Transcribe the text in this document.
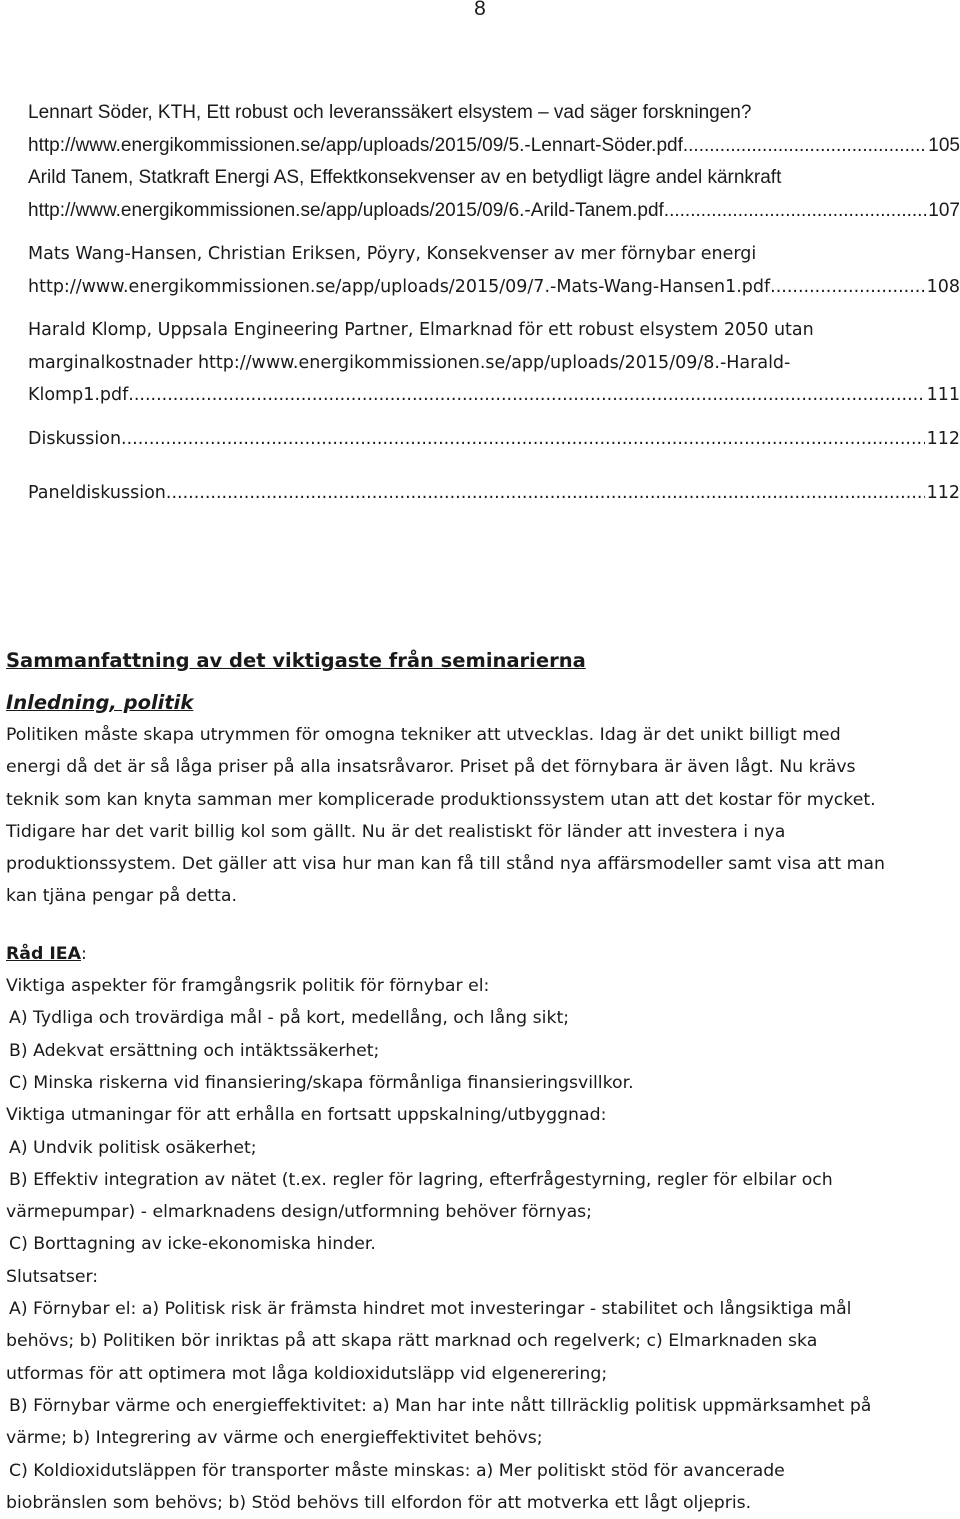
8
Lennart Söder, KTH, Ett robust och leveranssäkert elsystem – vad säger forskningen?
http://www.energikommissionen.se/app/uploads/2015/09/5.-Lennart-Söder.pdf .....	105
Arild Tanem, Statkraft Energi AS, Effektkonsekvenser av en betydligt lägre andel kärnkraft
http://www.energikommissionen.se/app/uploads/2015/09/6.-Arild-Tanem.pdf .....	107
Mats Wang-Hansen, Christian Eriksen, Pöyry, Konsekvenser av mer förnybar energi
http://www.energikommissionen.se/app/uploads/2015/09/7.-Mats-Wang-Hansen1.pdf .....	108
Harald Klomp, Uppsala Engineering Partner, Elmarknad för ett robust elsystem 2050 utan
marginalkostnader http://www.energikommissionen.se/app/uploads/2015/09/8.-Harald-
Klomp1.pdf .....	111
Diskussion .....	112
Paneldiskussion .....	112
Sammanfattning av det viktigaste från seminarierna
Inledning, politik
Politiken måste skapa utrymmen för omogna tekniker att utvecklas. Idag är det unikt billigt med
energi då det är så låga priser på alla insatsråvaror. Priset på det förnybara är även lågt. Nu krävs
teknik som kan knyta samman mer komplicerade produktionssystem utan att det kostar för mycket.
Tidigare har det varit billig kol som gällt. Nu är det realistiskt för länder att investera i nya
produktionssystem. Det gäller att visa hur man kan få till stånd nya affärsmodeller samt visa att man
kan tjäna pengar på detta.
Råd IEA:
Viktiga aspekter för framgångsrik politik för förnybar el:
A) Tydliga och trovärdiga mål - på kort, medellång, och lång sikt;
B) Adekvat ersättning och intäktssäkerhet;
C) Minska riskerna vid finansiering/skapa förmånliga finansieringsvillkor.
Viktiga utmaningar för att erhålla en fortsatt uppskalning/utbyggnad:
A) Undvik politisk osäkerhet;
B) Effektiv integration av nätet (t.ex. regler för lagring, efterfrågestyrning, regler för elbilar och
värmepumpar) - elmarknadens design/utformning behöver förnyas;
C) Borttagning av icke-ekonomiska hinder.
Slutsatser:
A) Förnybar el: a) Politisk risk är främsta hindret mot investeringar - stabilitet och långsiktiga mål
behövs; b) Politiken bör inriktas på att skapa rätt marknad och regelverk; c) Elmarknaden ska
utformas för att optimera mot låga koldioxidutsläpp vid elgenerering;
B) Förnybar värme och energieffektivitet: a) Man har inte nått tillräcklig politisk uppmärksamhet på
värme; b) Integrering av värme och energieffektivitet behövs;
C) Koldioxidutsläppen för transporter måste minskas: a) Mer politiskt stöd för avancerade
biobränslen som behövs; b) Stöd behövs till elfordon för att motverka ett lågt oljepris.
